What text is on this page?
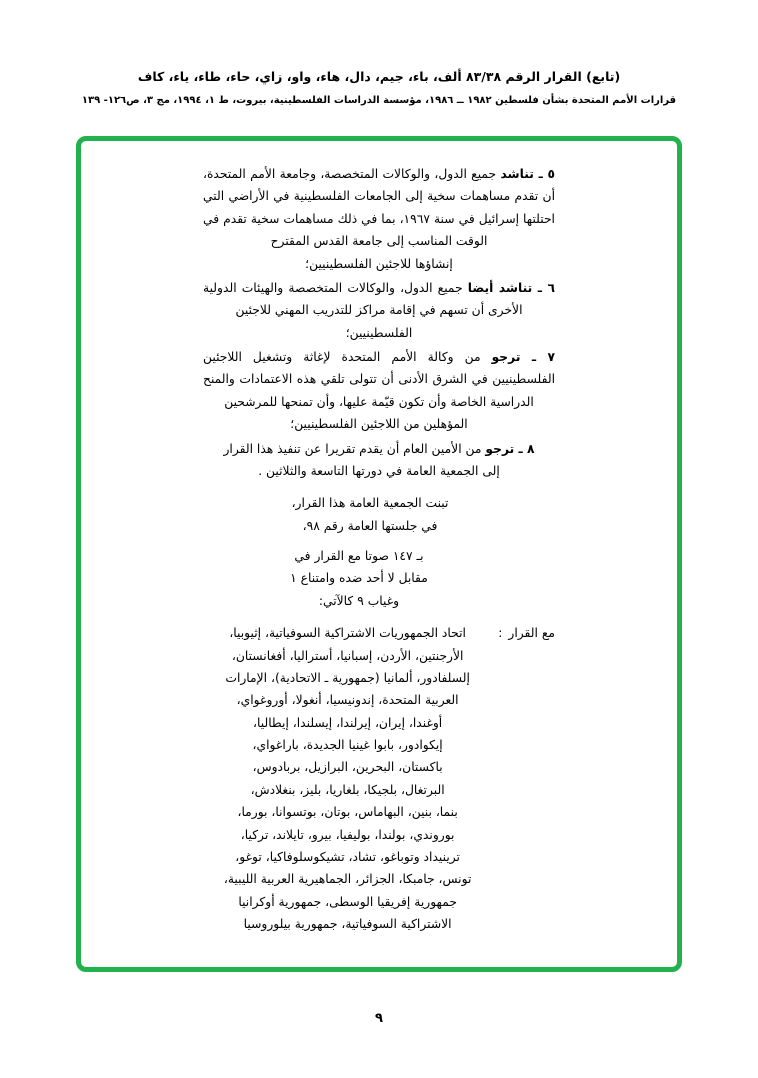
(تابع) القرار الرقم ٨٣/٣٨ ألف، باء، جيم، دال، هاء، واو، زاي، حاء، طاء، ياء، كاف
قرارات الأمم المتحدة بشأن فلسطين ١٩٨٢ ــ ١٩٨٦، مؤسسة الدراسات الفلسطينية، بيروت، ط ١، ١٩٩٤، مج ٣، ص١٢٦- ١٣٩
٥ ـ تناشد جميع الدول، والوكالات المتخصصة، وجامعة الأمم المتحدة، أن تقدم مساهمات سخية إلى الجامعات الفلسطينية في الأراضي التي احتلتها إسرائيل في سنة ١٩٦٧، بما في ذلك مساهمات سخية تقدم في الوقت المناسب إلى جامعة القدس المقترح
إنشاؤها للاجئين الفلسطينيين؛
٦ ـ تناشد أيضا جميع الدول، والوكالات المتخصصة والهيئات الدولية الأخرى أن تسهم في إقامة مراكز للتدريب المهني للاجئين
الفلسطينيين؛
٧ ـ ترجو من وكالة الأمم المتحدة لإغاثة وتشغيل اللاجئين الفلسطينيين في الشرق الأدنى أن تتولى تلقي هذه الاعتمادات والمنح الدراسية الخاصة وأن تكون قيّمة عليها، وأن تمنحها للمرشحين
المؤهلين من اللاجئين الفلسطينيين؛
٨ ـ ترجو من الأمين العام أن يقدم تقريرا عن تنفيذ هذا القرار
إلى الجمعية العامة في دورتها التاسعة والثلاثين .
تبنت الجمعية العامة هذا القرار،
في جلستها العامة رقم ٩٨،
بـ ١٤٧ صوتا مع القرار في
مقابل لا أحد ضده وامتناع ١
وغياب ٩ كالآتي:
مع القرار
:
اتحاد الجمهوريات الاشتراكية السوفياتية، إثيوبيا،
الأرجنتين، الأردن، إسبانيا، أستراليا، أفغانستان،
إلسلفادور، ألمانيا (جمهورية ـ الاتحادية)، الإمارات
العربية المتحدة، إندونيسيا، أنغولا، أوروغواي،
أوغندا، إيران، إيرلندا، إيسلندا، إيطاليا،
إيكوادور، بابوا غينيا الجديدة، باراغواي،
باكستان، البحرين، البرازيل، بربادوس،
البرتغال، بلجيكا، بلغاريا، بليز، بنغلادش،
بنما، بنين، البهاماس، بوتان، بوتسوانا، بورما،
بوروندي، بولندا، بوليفيا، بيرو، تايلاند، تركيا،
ترينيداد وتوباغو، تشاد، تشيكوسلوفاكيا، توغو،
تونس، جامبكا، الجزائر، الجماهيرية العربية الليبية،
جمهورية إفريقيا الوسطى، جمهورية أوكرانيا
الاشتراكية السوفياتية، جمهورية بيلوروسيا
٩
